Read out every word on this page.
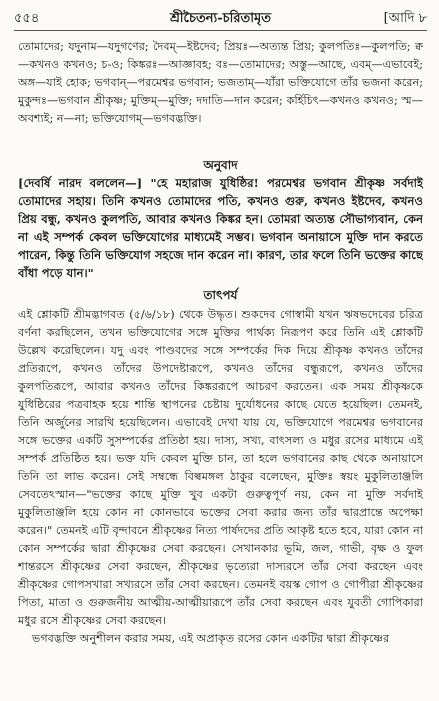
৫৫৪	শ্রীচৈতন্য-চরিতামৃত	[আদি ৮
তোমাদের; যদুনাম—যদুগণের; দৈবম্—ইষ্টদেব; প্রিয়ঃ—অত্যন্ত প্রিয়; কুলপতিঃ—কুলপতি; ক্ব—কখনও কখনও; চ-ও; কিঙ্করঃ—আজ্ঞাবহ; বঃ—তোমাদের; অস্তু—আছে, এবম্—এভাবেই; অঙ্গ—যাই হোক; ভগবান্—পরমেশ্বর ভগবান; ভজতাম্—যাঁরা ভক্তিযোগে তাঁর ভজনা করেন; মুকুন্দঃ—ভগবান শ্রীকৃষ্ণ; মুক্তিম্—মুক্তি; দদাতি—দান করেন; কর্হিচিৎ—কখনও কখনও; স্ম—অবশ্যই; ন—না; ভক্তিযোগম্—ভগবদ্ভক্তি।
অনুবাদ
[দেবর্ষি নারদ বললেন—] "হে মহারাজ যুধিষ্ঠির! পরমেশ্বর ভগবান শ্রীকৃষ্ণ সর্বদাই তোমাদের সহায়। তিনি কখনও তোমাদের পতি, কখনও গুরু, কখনও ইষ্টদেব, কখনও প্রিয় বন্ধু, কখনও কুলপতি, আবার কখনও কিঙ্কর হন। তোমরা অত্যন্ত সৌভাগ্যবান, কেন না এই সম্পর্ক কেবল ভক্তিযোগের মাধ্যমেই সম্ভব। ভগবান অনায়াসে মুক্তি দান করতে পারেন, কিন্তু তিনি ভক্তিযোগ সহজে দান করেন না। কারণ, তার ফলে তিনি ভক্তের কাছে বাঁধা পড়ে যান।"
তাৎপর্য

এই শ্লোকটি শ্রীমদ্ভাগবত (৫/৬/১৮) থেকে উদ্ধৃত। শুকদেব গোস্বামী যখন ঋষভদেবের চরিত্র বর্ণনা করছিলেন, তখন ভক্তিযোগের সঙ্গে মুক্তির পার্থক্য নিরূপণ করে তিনি এই শ্লোকটি উল্লেখ করেছিলেন। যদু এবং পাণ্ডবদের সঙ্গে সম্পর্কের দিক দিয়ে শ্রীকৃষ্ণ কখনও তাঁদের প্রতিরূপে, কখনও তাঁদের উপদেষ্টারূপে, কখনও তাঁদের বন্ধুরূপে, কখনও তাঁদের কুলপতিরূপে, আবার কখনও তাঁদের কিঙ্কররূপে আচরণ করতেন। এক সময় শ্রীকৃষ্ণকে যুধিষ্ঠিরের পত্রবাহক হয়ে শান্তি স্থাপনের চেষ্টায় দুর্যোধনের কাছে যেতে হয়েছিল। তেমনই, তিনি অর্জুনের সারথি হয়েছিলেন। এভাবেই দেখা যায় যে, ভক্তিযোগে পরমেশ্বর ভগবানের সঙ্গে ভক্তের একটি সুসম্পর্কের প্রতিষ্ঠা হয়। দাস্য, সখ্য, বাৎসল্য ও মধুর রসের মাধ্যমে এই সম্পর্ক প্রতিষ্ঠিত হয়। ভক্ত যদি কেবল মুক্তি চান, তা হলে ভগবানের কাছ থেকে অনায়াসে তিনি তা লাভ করেন। সেই সম্বন্ধে বিল্বমঙ্গল ঠাকুর বলেছেন, মুক্তিঃ স্বয়ং মুকুলিতাঞ্জলি সেবতেঽস্মান—"ভক্তের কাছে মুক্তি খুব একটা গুরুত্বপূর্ণ নয়, কেন না মুক্তি সর্বদাই মুকুলিতাঞ্জলি হয়ে কোন না কোনভাবে ভক্তের সেবা করার জন্য তাঁর দ্বারপ্রান্তে অপেক্ষা করেন।" তেমনই এটি বৃন্দাবনে শ্রীকৃষ্ণের নিত্য পার্ষদদের প্রতি আকৃষ্ট হতে হবে, যারা কোন না কোন সম্পর্কের দ্বারা শ্রীকৃষ্ণের সেবা করছেন। সেখানকার ভূমি, জল, গাভী, বৃক্ষ ও ফুল শান্তরসে শ্রীকৃষ্ণের সেবা করছেন, শ্রীকৃষ্ণের ভৃত্যেরা দাস্যরসে তাঁর সেবা করছেন এবং শ্রীকৃষ্ণের গোপসখারা সখ্যরসে তাঁর সেবা করছেন। তেমনই বয়স্ক গোপ ও গোপীরা শ্রীকৃষ্ণের পিতা, মাতা ও গুরুজনীয় আত্মীয়-আত্মীয়ারূপে তাঁর সেবা করছেন এবং যুবতী গোপিকারা মধুর রসে শ্রীকৃষ্ণের সেবা করছেন।

ভগবদ্ভক্তি অনুশীলন করার সময়, এই অপ্রাকৃত রসের কোন একটির দ্বারা শ্রীকৃষ্ণের
